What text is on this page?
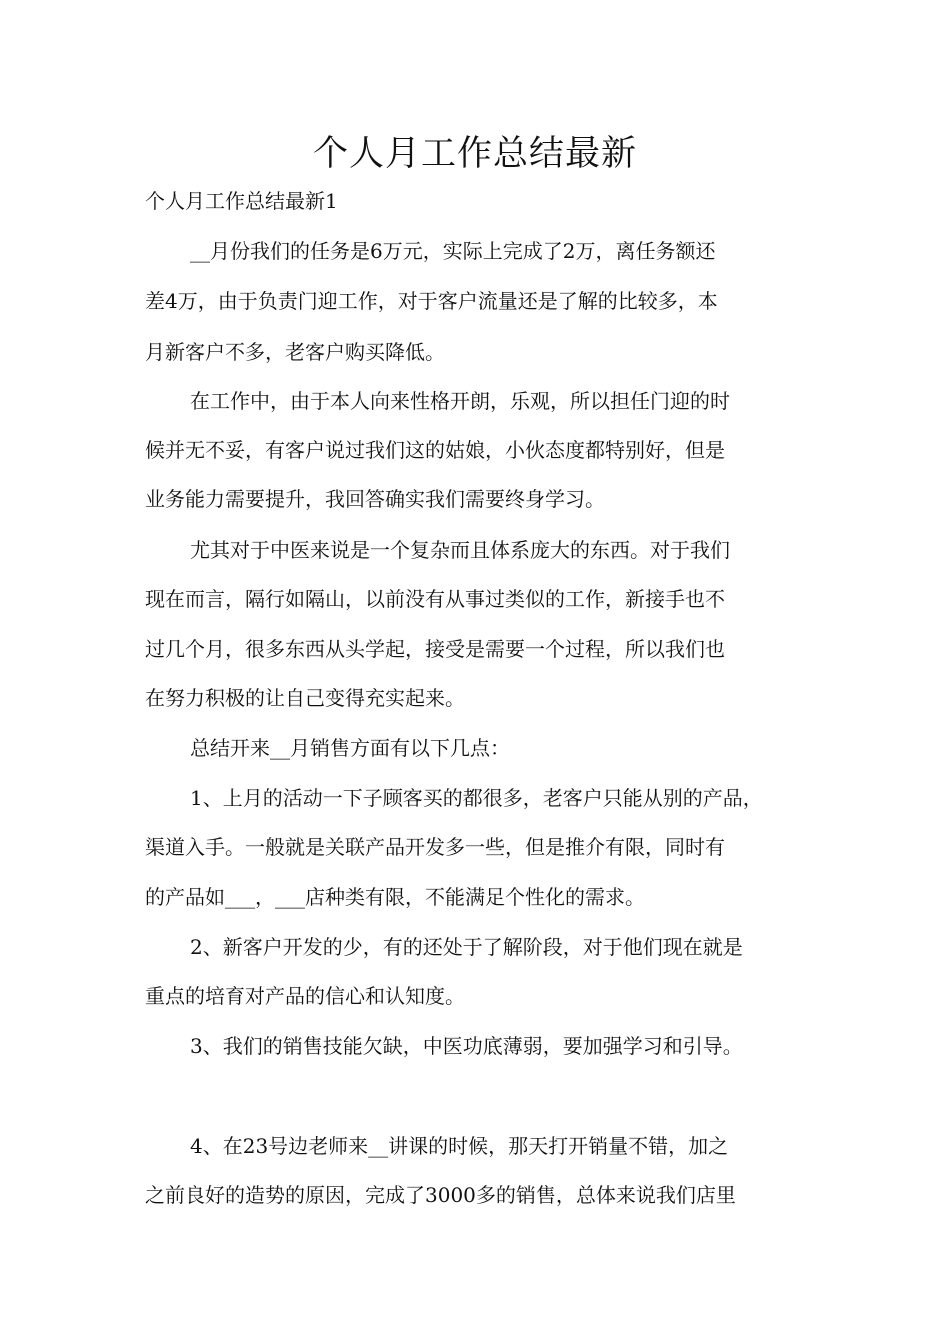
个人月工作总结最新

个人月工作总结最新1

__月份我们的任务是6万元，实际上完成了2万，离任务额还

差4万，由于负责门迎工作，对于客户流量还是了解的比较多，本

月新客户不多，老客户购买降低。

在工作中，由于本人向来性格开朗，乐观，所以担任门迎的时

候并无不妥，有客户说过我们这的姑娘，小伙态度都特别好，但是

业务能力需要提升，我回答确实我们需要终身学习。

尤其对于中医来说是一个复杂而且体系庞大的东西。对于我们

现在而言，隔行如隔山，以前没有从事过类似的工作，新接手也不

过几个月，很多东西从头学起，接受是需要一个过程，所以我们也

在努力积极的让自己变得充实起来。

总结开来__月销售方面有以下几点：

1、上月的活动一下子顾客买的都很多，老客户只能从别的产品，

渠道入手。一般就是关联产品开发多一些，但是推介有限，同时有

的产品如___，___店种类有限，不能满足个性化的需求。

2、新客户开发的少，有的还处于了解阶段，对于他们现在就是

重点的培育对产品的信心和认知度。

3、我们的销售技能欠缺，中医功底薄弱，要加强学习和引导。

4、在23号边老师来__讲课的时候，那天打开销量不错，加之

之前良好的造势的原因，完成了3000多的销售，总体来说我们店里
